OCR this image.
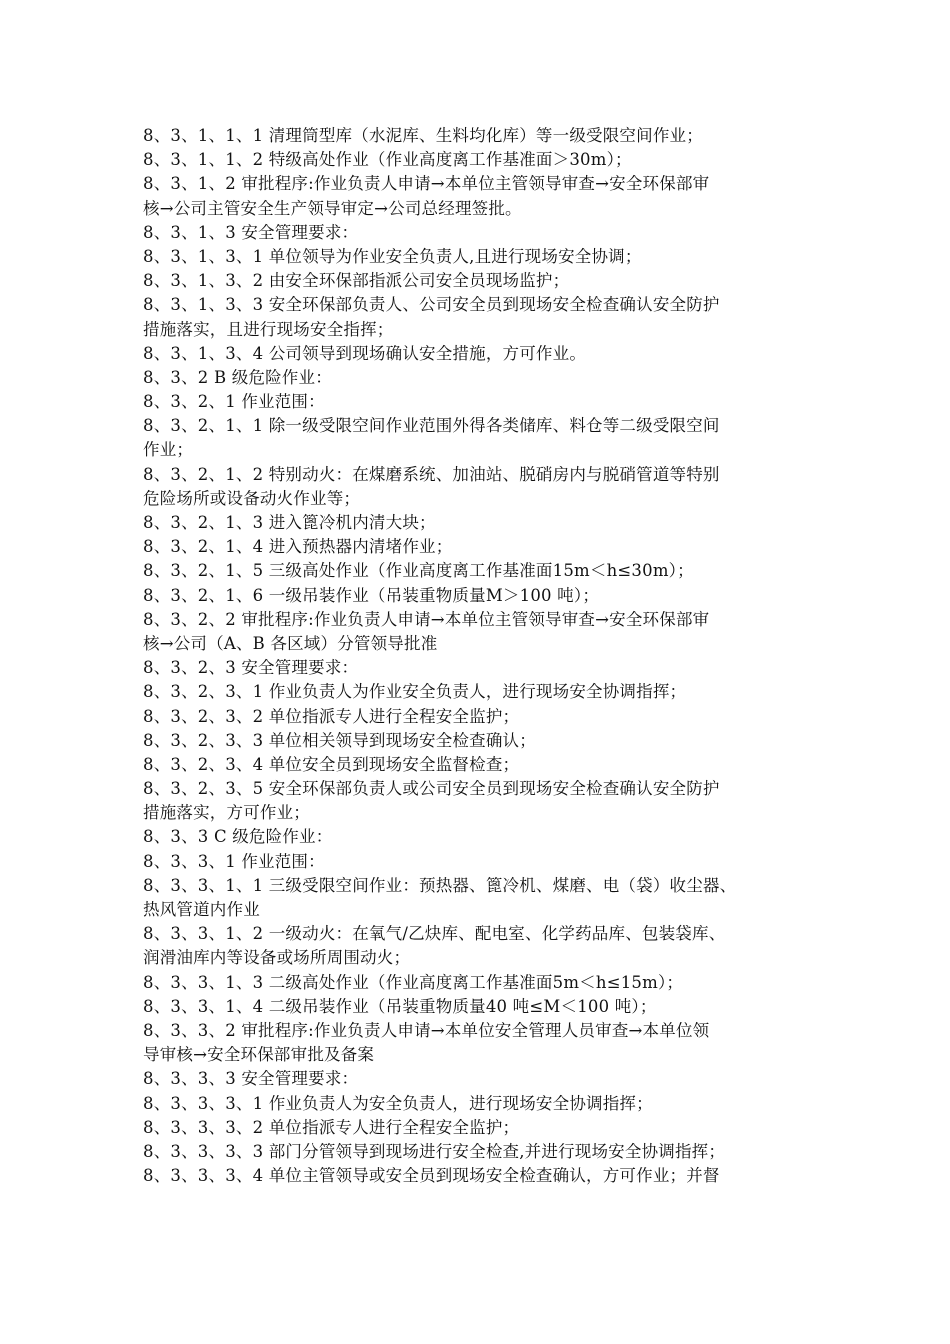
8、3、1、1、1 清理筒型库（水泥库、生料均化库）等一级受限空间作业；
8、3、1、1、2 特级高处作业（作业高度离工作基准面＞30m）；
8、3、1、2 审批程序:作业负责人申请→本单位主管领导审查→安全环保部审
核→公司主管安全生产领导审定→公司总经理签批。
8、3、1、3 安全管理要求：
8、3、1、3、1 单位领导为作业安全负责人,且进行现场安全协调；
8、3、1、3、2 由安全环保部指派公司安全员现场监护；
8、3、1、3、3 安全环保部负责人、公司安全员到现场安全检查确认安全防护
措施落实，且进行现场安全指挥；
8、3、1、3、4 公司领导到现场确认安全措施，方可作业。
8、3、2 B 级危险作业：
8、3、2、1 作业范围：
8、3、2、1、1 除一级受限空间作业范围外得各类储库、料仓等二级受限空间
作业；
8、3、2、1、2 特别动火：在煤磨系统、加油站、脱硝房内与脱硝管道等特别
危险场所或设备动火作业等；
8、3、2、1、3 进入篦冷机内清大块；
8、3、2、1、4 进入预热器内清堵作业；
8、3、2、1、5 三级高处作业（作业高度离工作基准面15m＜h≤30m）；
8、3、2、1、6 一级吊装作业（吊装重物质量M＞100 吨）；
8、3、2、2 审批程序:作业负责人申请→本单位主管领导审查→安全环保部审
核→公司（A、B 各区域）分管领导批准
8、3、2、3 安全管理要求：
8、3、2、3、1 作业负责人为作业安全负责人，进行现场安全协调指挥；
8、3、2、3、2 单位指派专人进行全程安全监护；
8、3、2、3、3 单位相关领导到现场安全检查确认；
8、3、2、3、4 单位安全员到现场安全监督检查；
8、3、2、3、5 安全环保部负责人或公司安全员到现场安全检查确认安全防护
措施落实，方可作业；
8、3、3 C 级危险作业：
8、3、3、1 作业范围：
8、3、3、1、1 三级受限空间作业：预热器、篦冷机、煤磨、电（袋）收尘器、
热风管道内作业
8、3、3、1、2 一级动火：在氧气/乙炔库、配电室、化学药品库、包装袋库、
润滑油库内等设备或场所周围动火；
8、3、3、1、3 二级高处作业（作业高度离工作基准面5m＜h≤15m）；
8、3、3、1、4 二级吊装作业（吊装重物质量40 吨≤M＜100 吨）；
8、3、3、2 审批程序:作业负责人申请→本单位安全管理人员审查→本单位领
导审核→安全环保部审批及备案
8、3、3、3 安全管理要求：
8、3、3、3、1 作业负责人为安全负责人，进行现场安全协调指挥；
8、3、3、3、2 单位指派专人进行全程安全监护；
8、3、3、3、3 部门分管领导到现场进行安全检查,并进行现场安全协调指挥；
8、3、3、3、4 单位主管领导或安全员到现场安全检查确认，方可作业；并督
